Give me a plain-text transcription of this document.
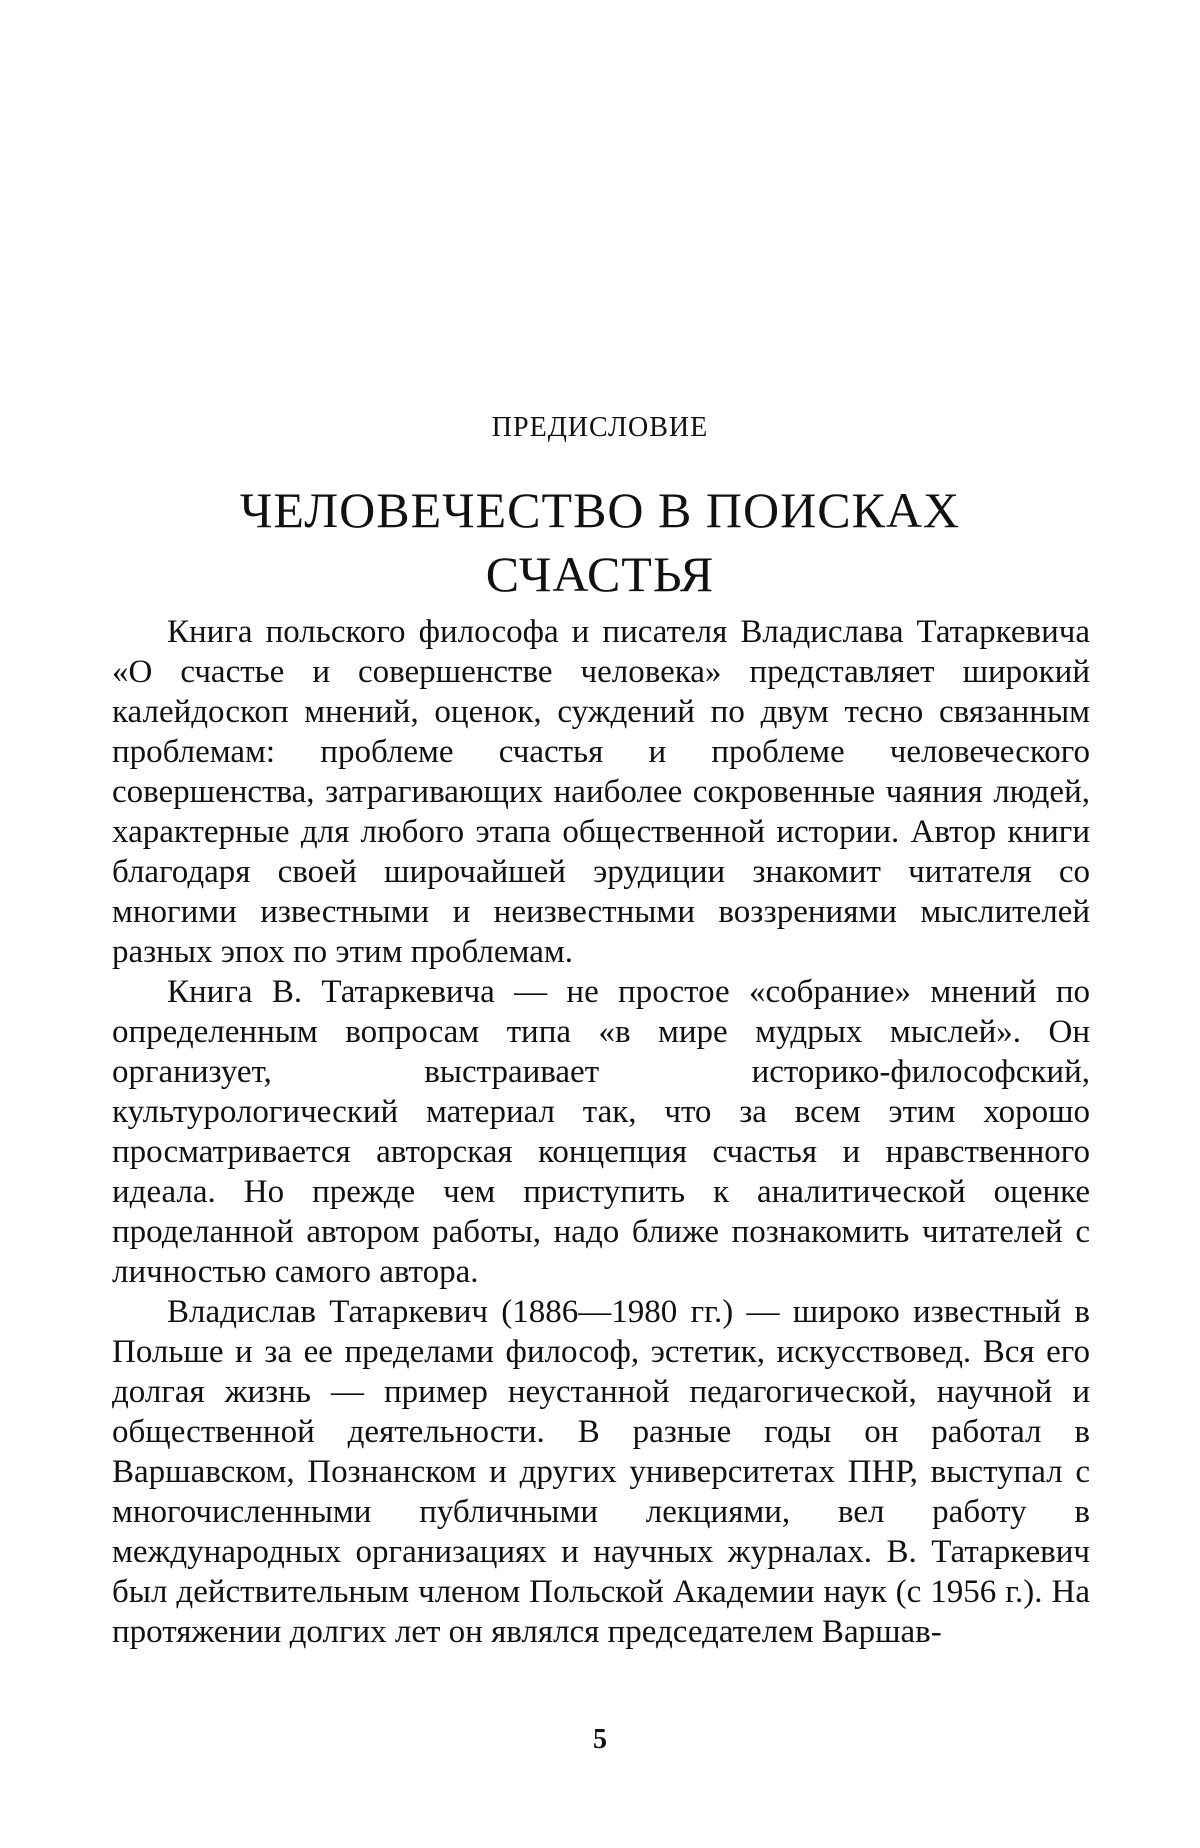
ПРЕДИСЛОВИЕ
ЧЕЛОВЕЧЕСТВО В ПОИСКАХ
СЧАСТЬЯ

Книга польского философа и писателя Владислава Татаркевича «О счастье и совершенстве человека» представляет широкий калейдоскоп мнений, оценок, суждений по двум тесно связанным проблемам: проблеме счастья и проблеме человеческого совершенства, затрагивающих наиболее сокровенные чаяния людей, характерные для любого этапа общественной истории. Автор книги благодаря своей широчайшей эрудиции знакомит читателя со многими известными и неизвестными воззрениями мыслителей разных эпох по этим проблемам.

Книга В. Татаркевича — не простое «собрание» мнений по определенным вопросам типа «в мире мудрых мыслей». Он организует, выстраивает историко-философский, культурологический материал так, что за всем этим хорошо просматривается авторская концепция счастья и нравственного идеала. Но прежде чем приступить к аналитической оценке проделанной автором работы, надо ближе познакомить читателей с личностью самого автора.

Владислав Татаркевич (1886—1980 гг.) — широко известный в Польше и за ее пределами философ, эстетик, искусствовед. Вся его долгая жизнь — пример неустанной педагогической, научной и общественной деятельности. В разные годы он работал в Варшавском, Познанском и других университетах ПНР, выступал с многочисленными публичными лекциями, вел работу в международных организациях и научных журналах. В. Татаркевич был действительным членом Польской Академии наук (с 1956 г.). На протяжении долгих лет он являлся председателем Варшав-

5
